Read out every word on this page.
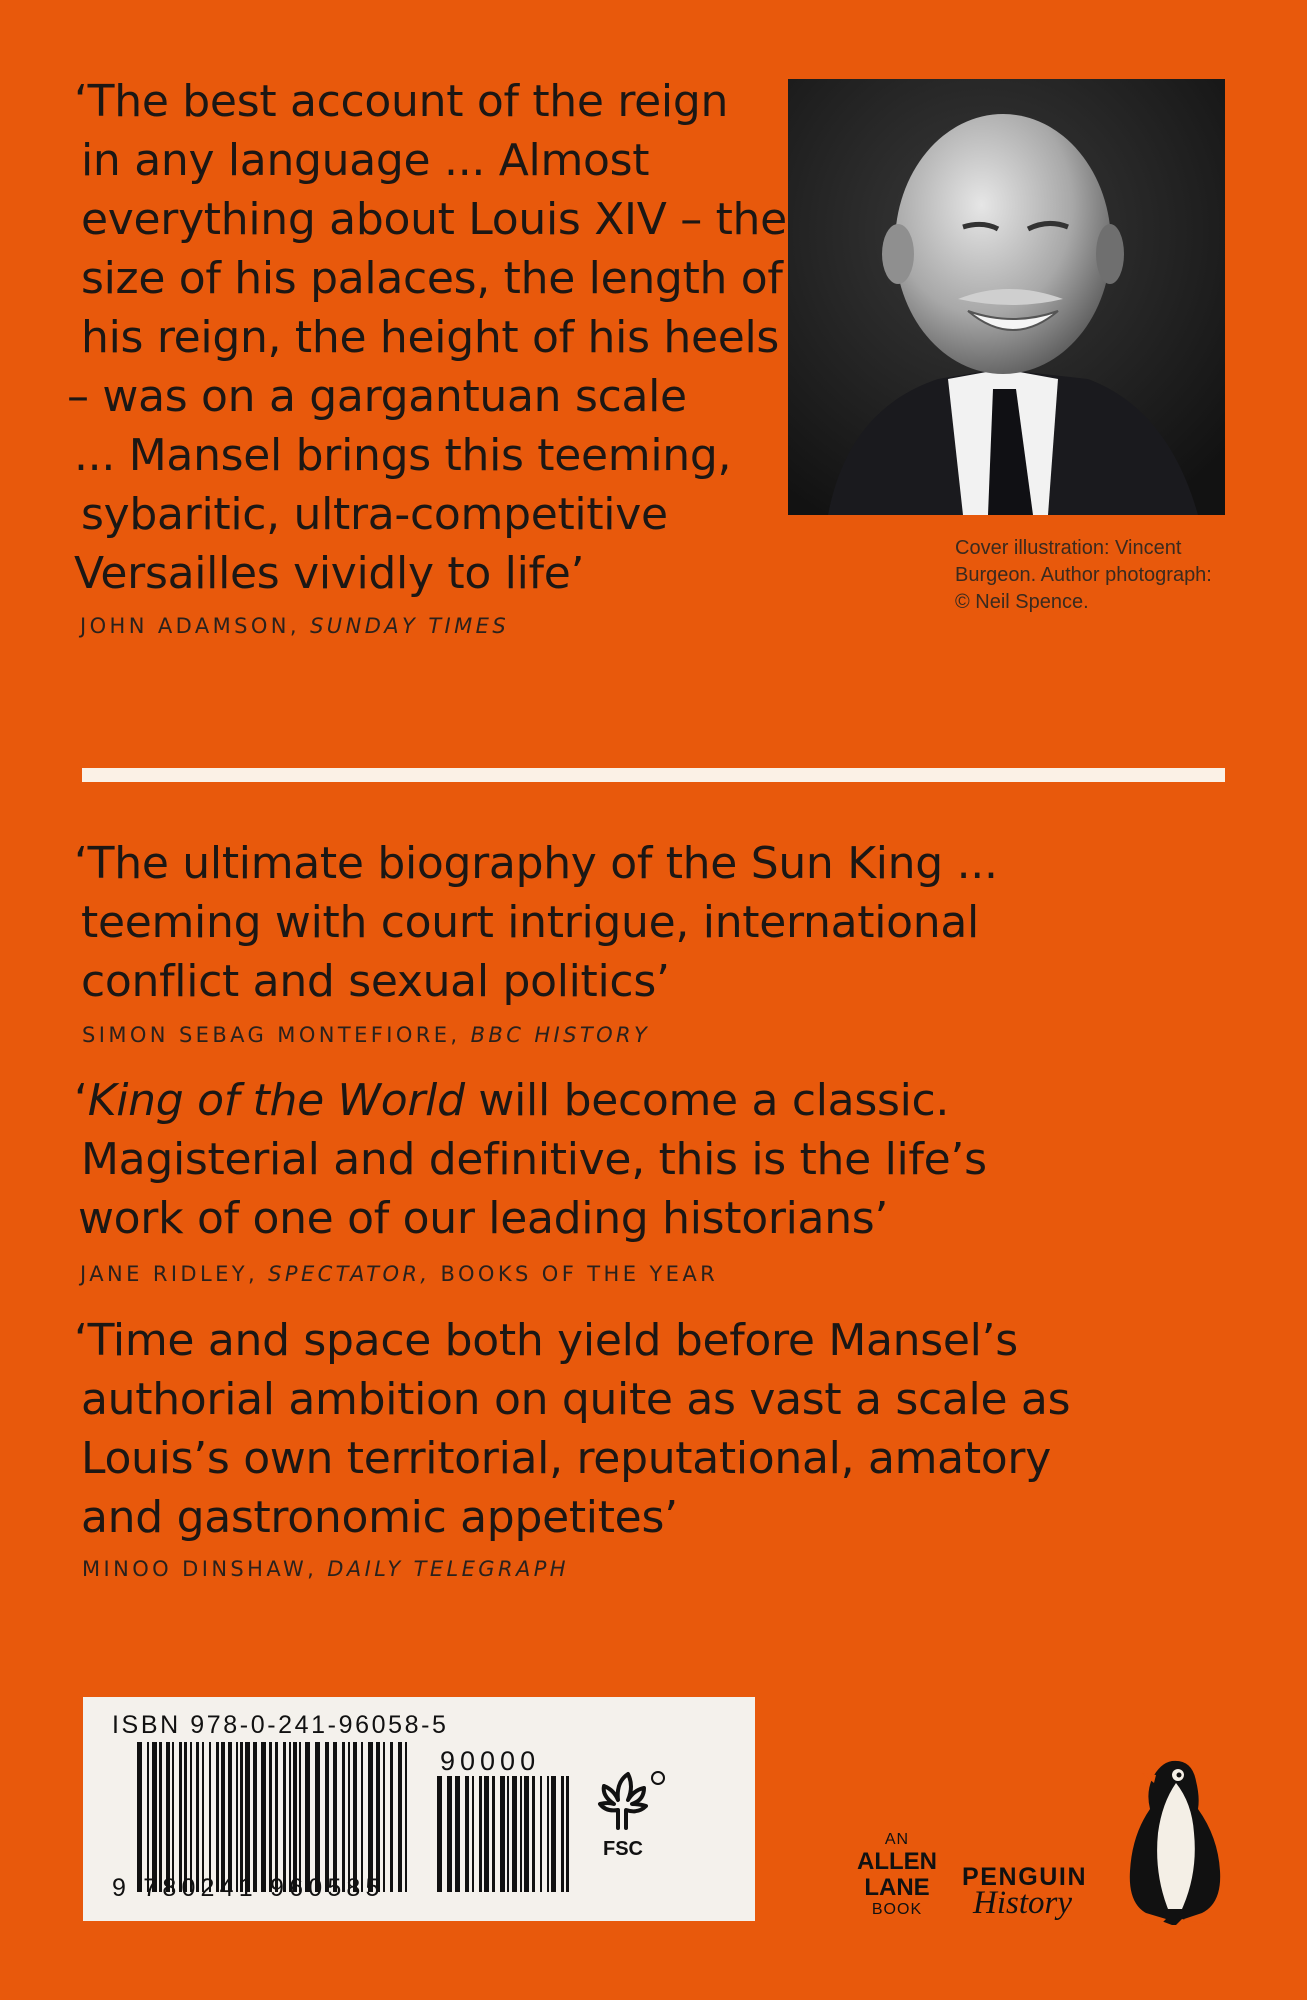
‘The best account of the reign
in any language ... Almost
everything about Louis XIV – the
size of his palaces, the length of
his reign, the height of his heels
– was on a gargantuan scale
... Mansel brings this teeming,
sybaritic, ultra-competitive
Versailles vividly to life’
JOHN ADAMSON, SUNDAY TIMES
Cover illustration: Vincent
Burgeon. Author photograph:
© Neil Spence.
‘The ultimate biography of the Sun King ...
teeming with court intrigue, international
conflict and sexual politics’
SIMON SEBAG MONTEFIORE, BBC HISTORY
‘King of the World will become a classic.
Magisterial and definitive, this is the life’s
work of one of our leading historians’
JANE RIDLEY, SPECTATOR, BOOKS OF THE YEAR
‘Time and space both yield before Mansel’s
authorial ambition on quite as vast a scale as
Louis’s own territorial, reputational, amatory
and gastronomic appetites’
MINOO DINSHAW, DAILY TELEGRAPH
ISBN 978-0-241-96058-5
9 780241 960585
90000
FSC	AN
ALLEN
LANE
BOOK
PENGUIN
History
